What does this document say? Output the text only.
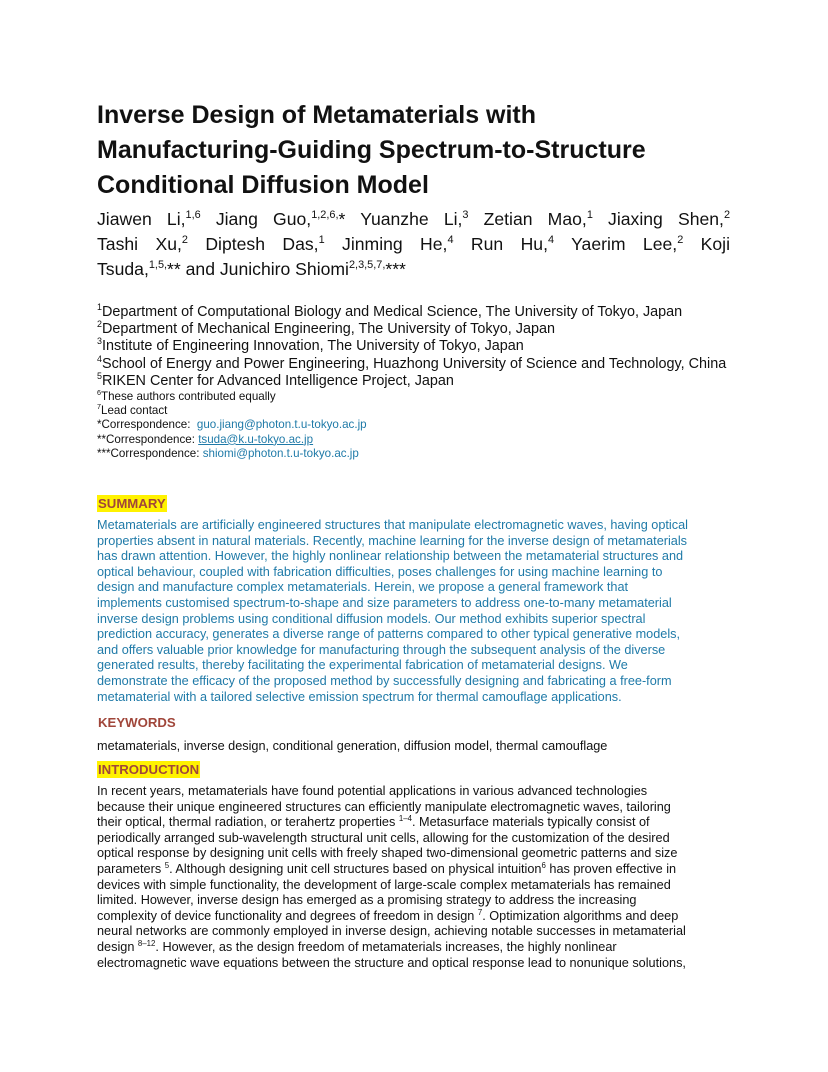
Inverse Design of Metamaterials with
Manufacturing-Guiding Spectrum-to-Structure
Conditional Diffusion Model
Jiawen Li,$^{1,6}$ Jiang Guo,$^{1,2,6,}$* Yuanzhe Li,$^3$ Zetian Mao,$^1$ Jiaxing Shen,$^2$
Tashi Xu,$^2$ Diptesh Das,$^1$ Jinming He,$^4$ Run Hu,$^4$ Yaerim Lee,$^2$ Koji
Tsuda,$^{1,5,}$** and Junichiro Shiomi$^{2,3,5,7,}$***
$^1$Department of Computational Biology and Medical Science, The University of Tokyo, Japan
$^2$Department of Mechanical Engineering, The University of Tokyo, Japan
$^3$Institute of Engineering Innovation, The University of Tokyo, Japan
$^4$School of Energy and Power Engineering, Huazhong University of Science and Technology, China
$^5$RIKEN Center for Advanced Intelligence Project, Japan
$^6$These authors contributed equally
$^7$Lead contact
*Correspondence:  guo.jiang@photon.t.u-tokyo.ac.jp
**Correspondence: tsuda@k.u-tokyo.ac.jp
***Correspondence: shiomi@photon.t.u-tokyo.ac.jp
SUMMARY
Metamaterials are artificially engineered structures that manipulate electromagnetic waves, having optical
properties absent in natural materials. Recently, machine learning for the inverse design of metamaterials
has drawn attention. However, the highly nonlinear relationship between the metamaterial structures and
optical behaviour, coupled with fabrication difficulties, poses challenges for using machine learning to
design and manufacture complex metamaterials. Herein, we propose a general framework that
implements customised spectrum-to-shape and size parameters to address one-to-many metamaterial
inverse design problems using conditional diffusion models. Our method exhibits superior spectral
prediction accuracy, generates a diverse range of patterns compared to other typical generative models,
and offers valuable prior knowledge for manufacturing through the subsequent analysis of the diverse
generated results, thereby facilitating the experimental fabrication of metamaterial designs. We
demonstrate the efficacy of the proposed method by successfully designing and fabricating a free-form
metamaterial with a tailored selective emission spectrum for thermal camouflage applications.
KEYWORDS

metamaterials, inverse design, conditional generation, diffusion model, thermal camouflage

INTRODUCTION
In recent years, metamaterials have found potential applications in various advanced technologies
because their unique engineered structures can efficiently manipulate electromagnetic waves, tailoring
their optical, thermal radiation, or terahertz properties $^{1-4}$. Metasurface materials typically consist of
periodically arranged sub-wavelength structural unit cells, allowing for the customization of the desired
optical response by designing unit cells with freely shaped two-dimensional geometric patterns and size
parameters $^5$. Although designing unit cell structures based on physical intuition$^6$ has proven effective in
devices with simple functionality, the development of large-scale complex metamaterials has remained
limited. However, inverse design has emerged as a promising strategy to address the increasing
complexity of device functionality and degrees of freedom in design $^7$. Optimization algorithms and deep
neural networks are commonly employed in inverse design, achieving notable successes in metamaterial
design $^{8-12}$. However, as the design freedom of metamaterials increases, the highly nonlinear
electromagnetic wave equations between the structure and optical response lead to nonunique solutions,
